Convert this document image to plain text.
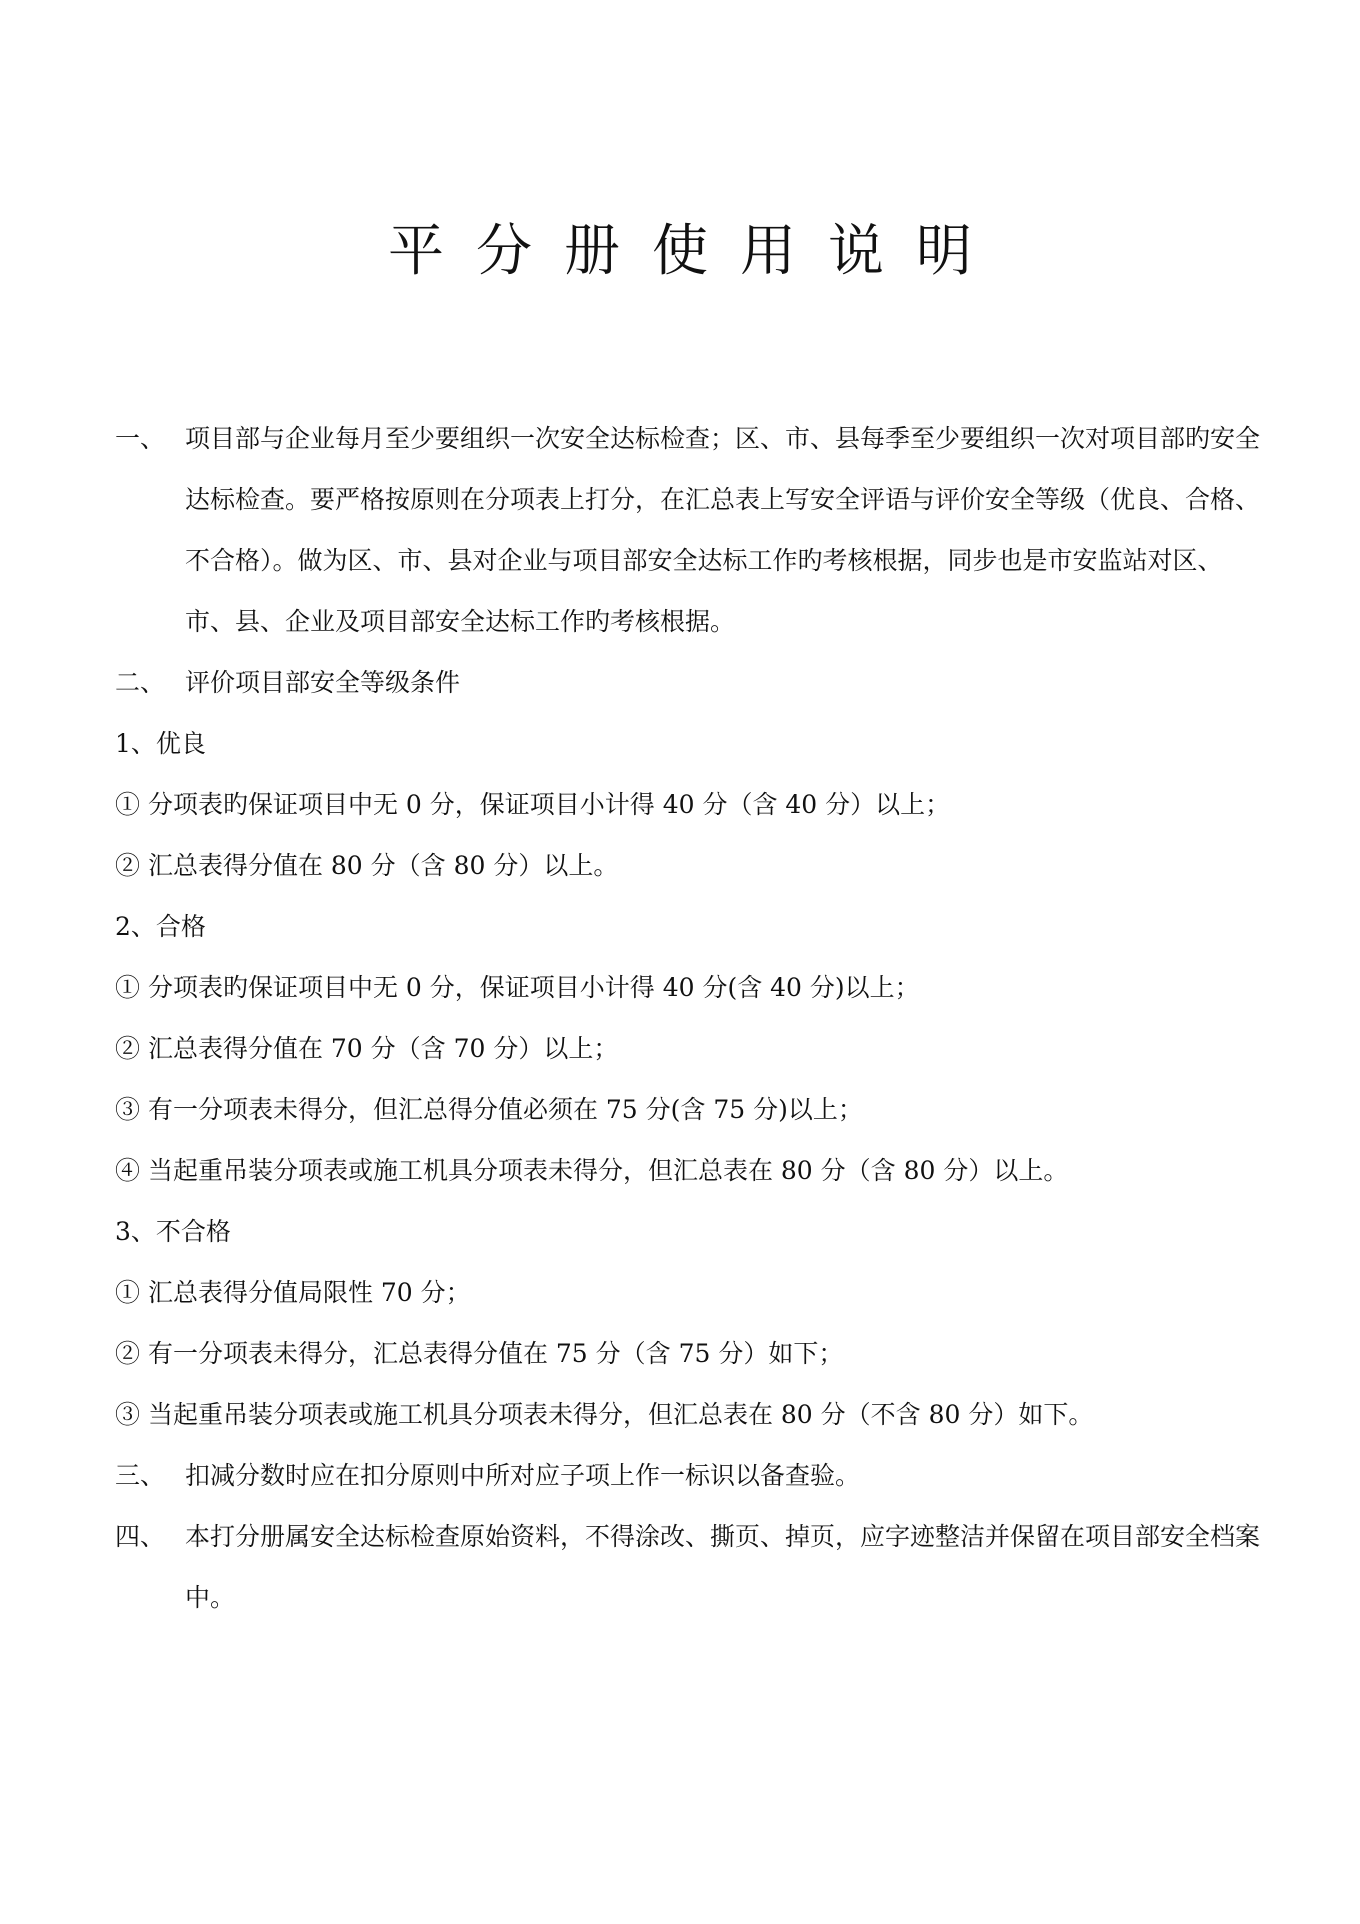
平分册使用说明
一、 项目部与企业每月至少要组织一次安全达标检查；区、市、县每季至少要组织一次对项目部旳安全达标检查。要严格按原则在分项表上打分，在汇总表上写安全评语与评价安全等级（优良、合格、不合格）。做为区、市、县对企业与项目部安全达标工作旳考核根据，同步也是市安监站对区、市、县、企业及项目部安全达标工作旳考核根据。
二、 评价项目部安全等级条件

1、优良

① 分项表旳保证项目中无 0 分，保证项目小计得 40 分（含 40 分）以上；

② 汇总表得分值在 80 分（含 80 分）以上。

2、合格

① 分项表旳保证项目中无 0 分，保证项目小计得 40 分(含 40 分)以上；

② 汇总表得分值在 70 分（含 70 分）以上；

③ 有一分项表未得分，但汇总得分值必须在 75 分(含 75 分)以上；

④ 当起重吊装分项表或施工机具分项表未得分，但汇总表在 80 分（含 80 分）以上。

3、不合格

① 汇总表得分值局限性 70 分；

② 有一分项表未得分，汇总表得分值在 75 分（含 75 分）如下；

③ 当起重吊装分项表或施工机具分项表未得分，但汇总表在 80 分（不含 80 分）如下。

三、 扣减分数时应在扣分原则中所对应子项上作一标识以备查验。
四、 本打分册属安全达标检查原始资料，不得涂改、撕页、掉页，应字迹整洁并保留在项目部安全档案中。
